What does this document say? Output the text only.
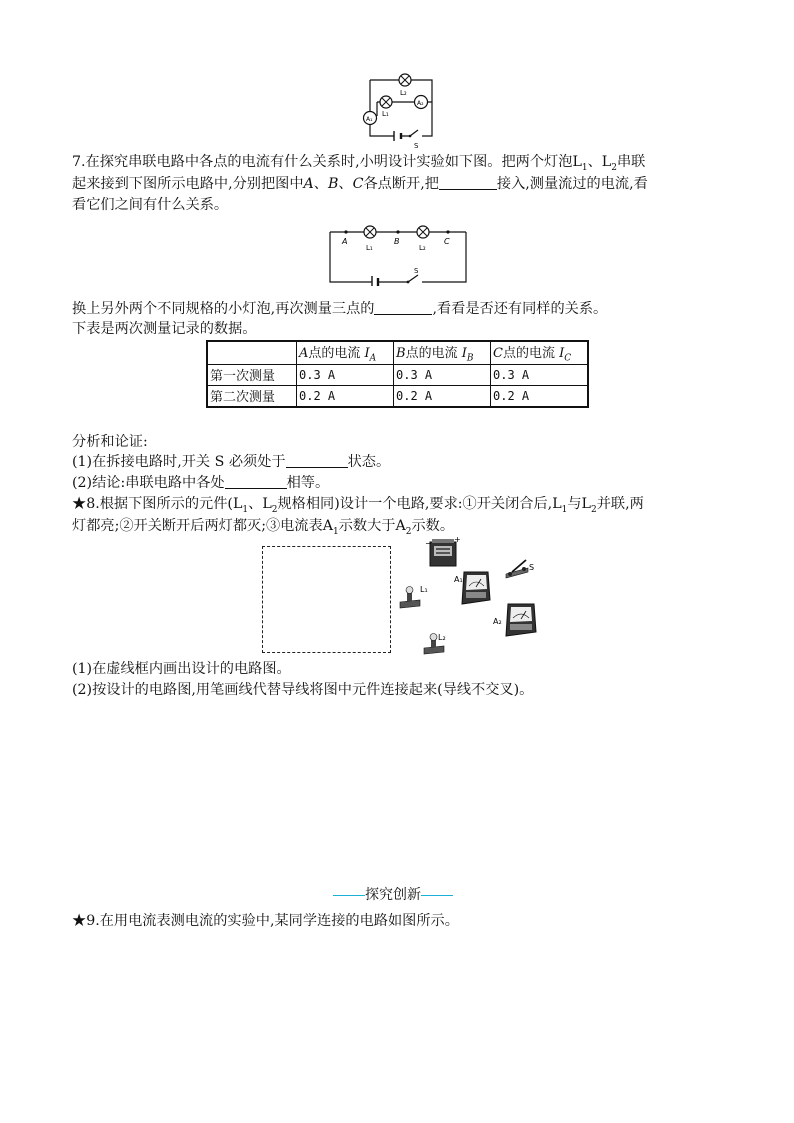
L₂
L₁
A₂
A₁
S
7.在探究串联电路中各点的电流有什么关系时,小明设计实验如下图。把两个灯泡$L_1$、$L_2$串联
起来接到下图所示电路中,分别把图中A、B、C各点断开,把	接入,测量流过的电流,看
看它们之间有什么关系。
A	B	C
L₁	L₂
S
换上另外两个不同规格的小灯泡,再次测量三点的	,看看是否还有同样的关系。
下表是两次测量记录的数据。
	A点的电流 $I_A$	B点的电流 $I_B$	C点的电流 $I_C$
第一次测量	0.3 A	0.3 A	0.3 A
第二次测量	0.2 A	0.2 A	0.2 A
分析和论证:
(1)在拆接电路时,开关 S 必须处于	状态。
(2)结论:串联电路中各处	相等。
★8.根据下图所示的元件($L_1$、$L_2$规格相同)设计一个电路,要求:①开关闭合后$,L_1$与$L_2$并联,两
灯都亮;②开关断开后两灯都灭;③电流表$A_1$示数大于$A_2$示数。
−	+
S
A₁
A₂
L₁
L₂
(1)在虚线框内画出设计的电路图。
(2)按设计的电路图,用笔画线代替导线将图中元件连接起来(导线不交叉)。
探究创新
★9.在用电流表测电流的实验中,某同学连接的电路如图所示。
